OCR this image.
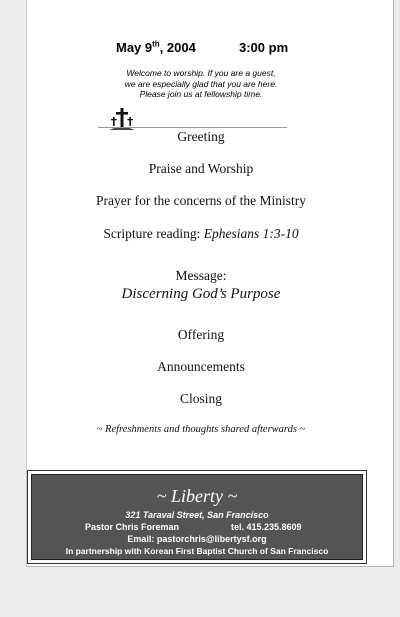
May 9th, 2004	3:00 pm
Welcome to worship. If you are a guest,
we are especially glad that you are here.
Please join us at fellowship time.
Greeting
Praise and Worship
Prayer for the concerns of the Ministry
Scripture reading: Ephesians 1:3-10
Message:
Discerning God’s Purpose
Offering
Announcements
Closing
~ Refreshments and thoughts shared afterwards ~
~ Liberty ~
321 Taraval Street, San Francisco
Pastor Chris Foreman	tel. 415.235.8609
Email: pastorchris@libertysf.org
In partnership with Korean First Baptist Church of San Francisco
